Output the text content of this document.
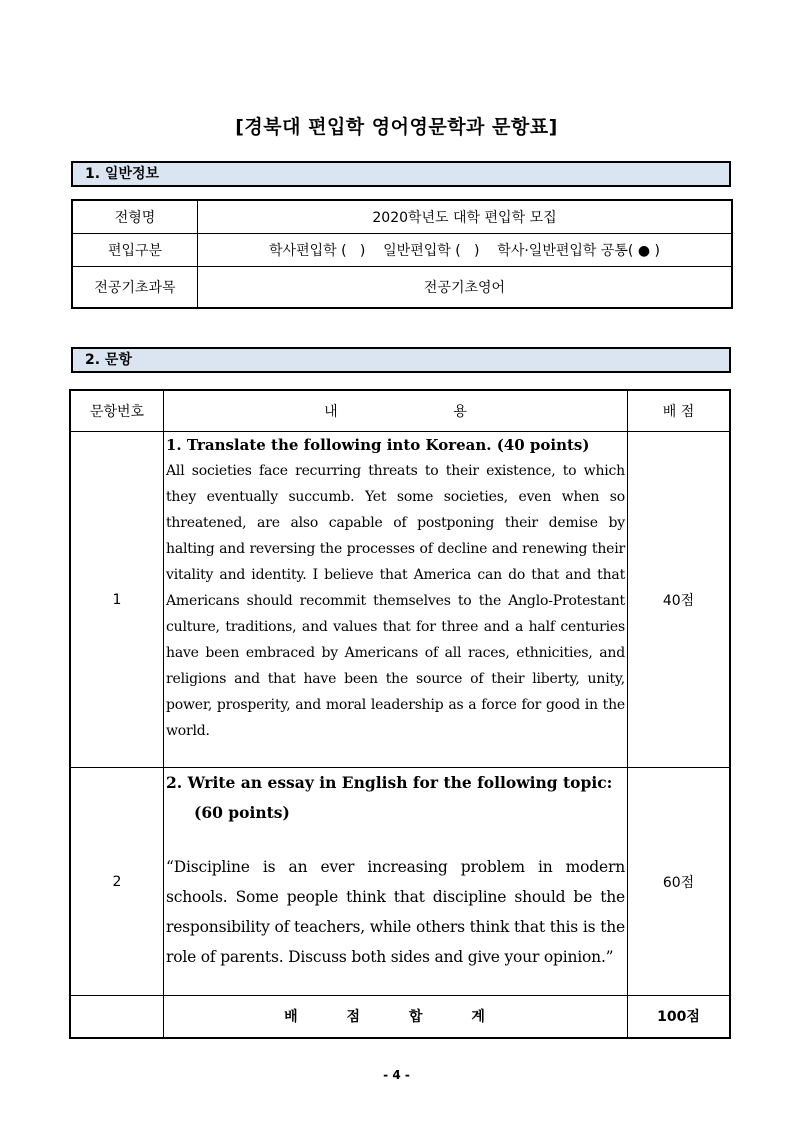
[경북대 편입학 영어영문학과 문항표]
1. 일반정보
전형명	2020학년도 대학 편입학 모집
편입구분	학사편입학 (   )    일반편입학 (   )    학사·일반편입학 공통( ● )
전공기초과목	전공기초영어
2. 문항
문항번호	내                          용	배 점
1	1. Translate the following into Korean. (40 points)
All societies face recurring threats to their existence, to which they eventually succumb. Yet some societies, even when so threatened, are also capable of postponing their demise by halting and reversing the processes of decline and renewing their vitality and identity. I believe that America can do that and that Americans should recommit themselves to the Anglo-Protestant culture, traditions, and values that for three and a half centuries have been embraced by Americans of all races, ethnicities, and religions and that have been the source of their liberty, unity, power, prosperity, and moral leadership as a force for good in the world.	40점
2	2. Write an essay in English for the following topic:
(60 points)
“Discipline is an ever increasing problem in modern schools. Some people think that discipline should be the responsibility of teachers, while others think that this is the role of parents. Discuss both sides and give your opinion.”	60점
	배 점 합 계	100점
- 4 -
